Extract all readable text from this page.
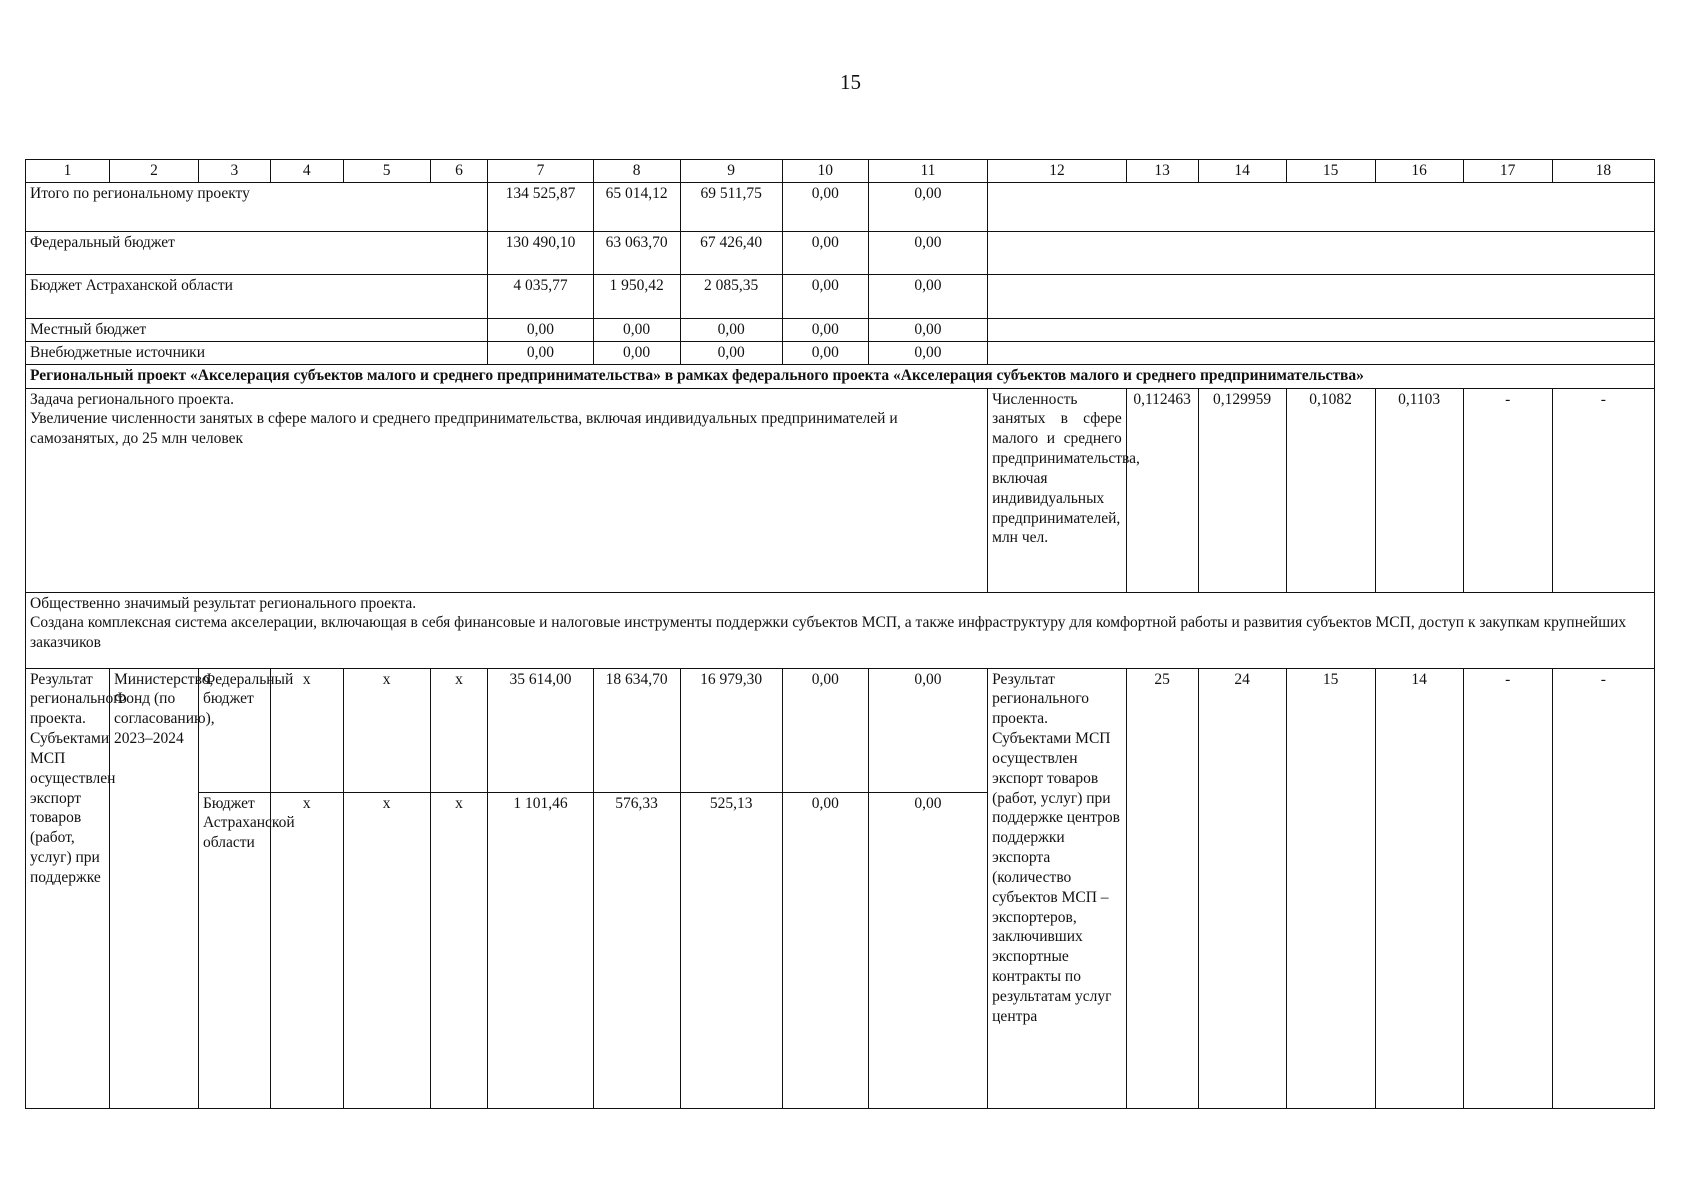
15
1	2	3	4	5	6	7	8	9	10	11	12	13	14	15	16	17	18
Итого по региональному проекту						134 525,87	65 014,12	69 511,75	0,00	0,00							
Федеральный бюджет						130 490,10	63 063,70	67 426,40	0,00	0,00							
Бюджет Астраханской области						4 035,77	1 950,42	2 085,35	0,00	0,00							
Местный бюджет						0,00	0,00	0,00	0,00	0,00							
Внебюджетные источники						0,00	0,00	0,00	0,00	0,00							
Региональный проект «Акселерация субъектов малого и среднего предпринимательства» в рамках федерального проекта «Акселерация субъектов малого и среднего предпринимательства»																	
Задача регионального проекта.
Увеличение численности занятых в сфере малого и среднего предпринимательства, включая индивидуальных предпринимателей и самозанятых, до 25 млн человек											Численность занятых в сфере малого и среднего предпринимательства, включая индивидуальных предпринимателей, млн чел.	0,112463	0,129959	0,1082	0,1103	-	-
Общественно значимый результат регионального проекта.
Создана комплексная система акселерации, включающая в себя финансовые и налоговые инструменты поддержки субъектов МСП, а также инфраструктуру для комфортной работы и развития субъектов МСП, доступ к закупкам крупнейших заказчиков																	
Результат регионального проекта. Субъектами МСП осуществлен экспорт товаров (работ, услуг) при поддержке	Министерство, Фонд (по согласованию), 2023–2024	Федеральный бюджет	x	x	x	35 614,00	18 634,70	16 979,30	0,00	0,00	Результат регионального проекта. Субъектами МСП осуществлен экспорт товаров (работ, услуг) при поддержке центров поддержки экспорта (количество субъектов МСП – экспортеров, заключивших экспортные контракты по результатам услуг центра	25	24	15	14	-	-
		Бюджет Астраханской области	x	x	x	1 101,46	576,33	525,13	0,00	0,00							
